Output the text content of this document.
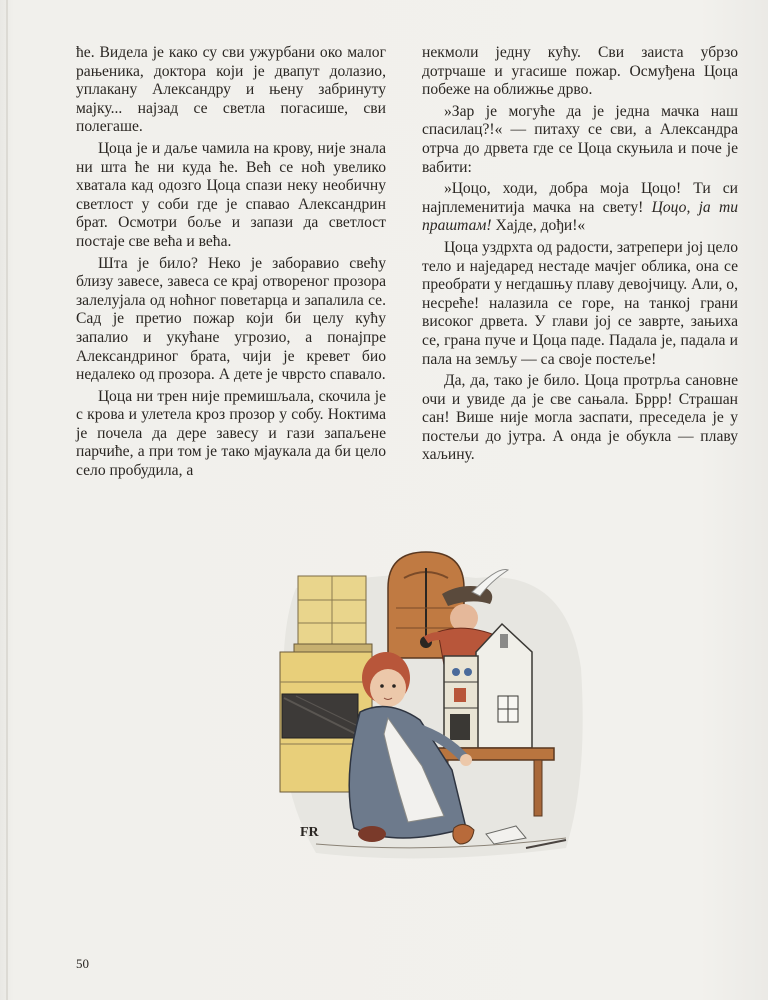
ће. Видела је како су сви ужурбани око малог рањеника, доктора који је двапут долазио, уплакану Александру и њену забринуту мајку... најзад се светла погасише, сви полегаше.

Цоца је и даље чамила на крову, није знала ни шта ће ни куда ће. Већ се ноћ увелико хватала кад одозго Цоца спази неку необичну светлост у соби где је спавао Александрин брат. Осмотри боље и запази да светлост постаје све већа и већа.

Шта је било? Неко је заборавио свећу близу завесе, завеса се крај отвореног прозора залелујала од ноћног поветарца и запалила се. Сад је претио пожар који би целу кућу запалио и укућане угрозио, а понајпре Александриног брата, чији је кревет био недалеко од прозора. А дете је чврсто спавало.

Цоца ни трен није премишљала, скочила је с крова и улетела кроз прозор у собу. Ноктима је почела да дере завесу и гази запаљене парчиће, а при том је тако мјаукала да би цело село пробудила, а

некмоли једну кућу. Сви заиста убрзо дотрчаше и угасише пожар. Осмуђена Цоца побеже на оближње дрво.

»Зар је могуће да је једна мачка наш спасилац?!« — питаху се сви, а Александра отрча до дрвета где се Цоца скуњила и поче је вабити:

»Цоцо, ходи, добра моја Цоцо! Ти си најплеменитија мачка на свету! Цоцо, ја ти праштам! Хајде, дођи!«

Цоца уздрхта од радости, затрепери јој цело тело и наједаред нестаде мачјег облика, она се преобрати у негдашњу плаву девојчицу. Али, о, несреће! налазила се горе, на танкој грани високог дрвета. У глави јој се заврте, зањиха се, грана пуче и Цоца паде. Падала је, падала и пала на земљу — са своје постеље!

Да, да, тако је било. Цоца протрља сановне очи и увиде да је све сањала. Бррр! Страшан сан! Више није могла заспати, преседела је у постељи до јутра. А онда је обукла — плаву хаљину.

FR
50
